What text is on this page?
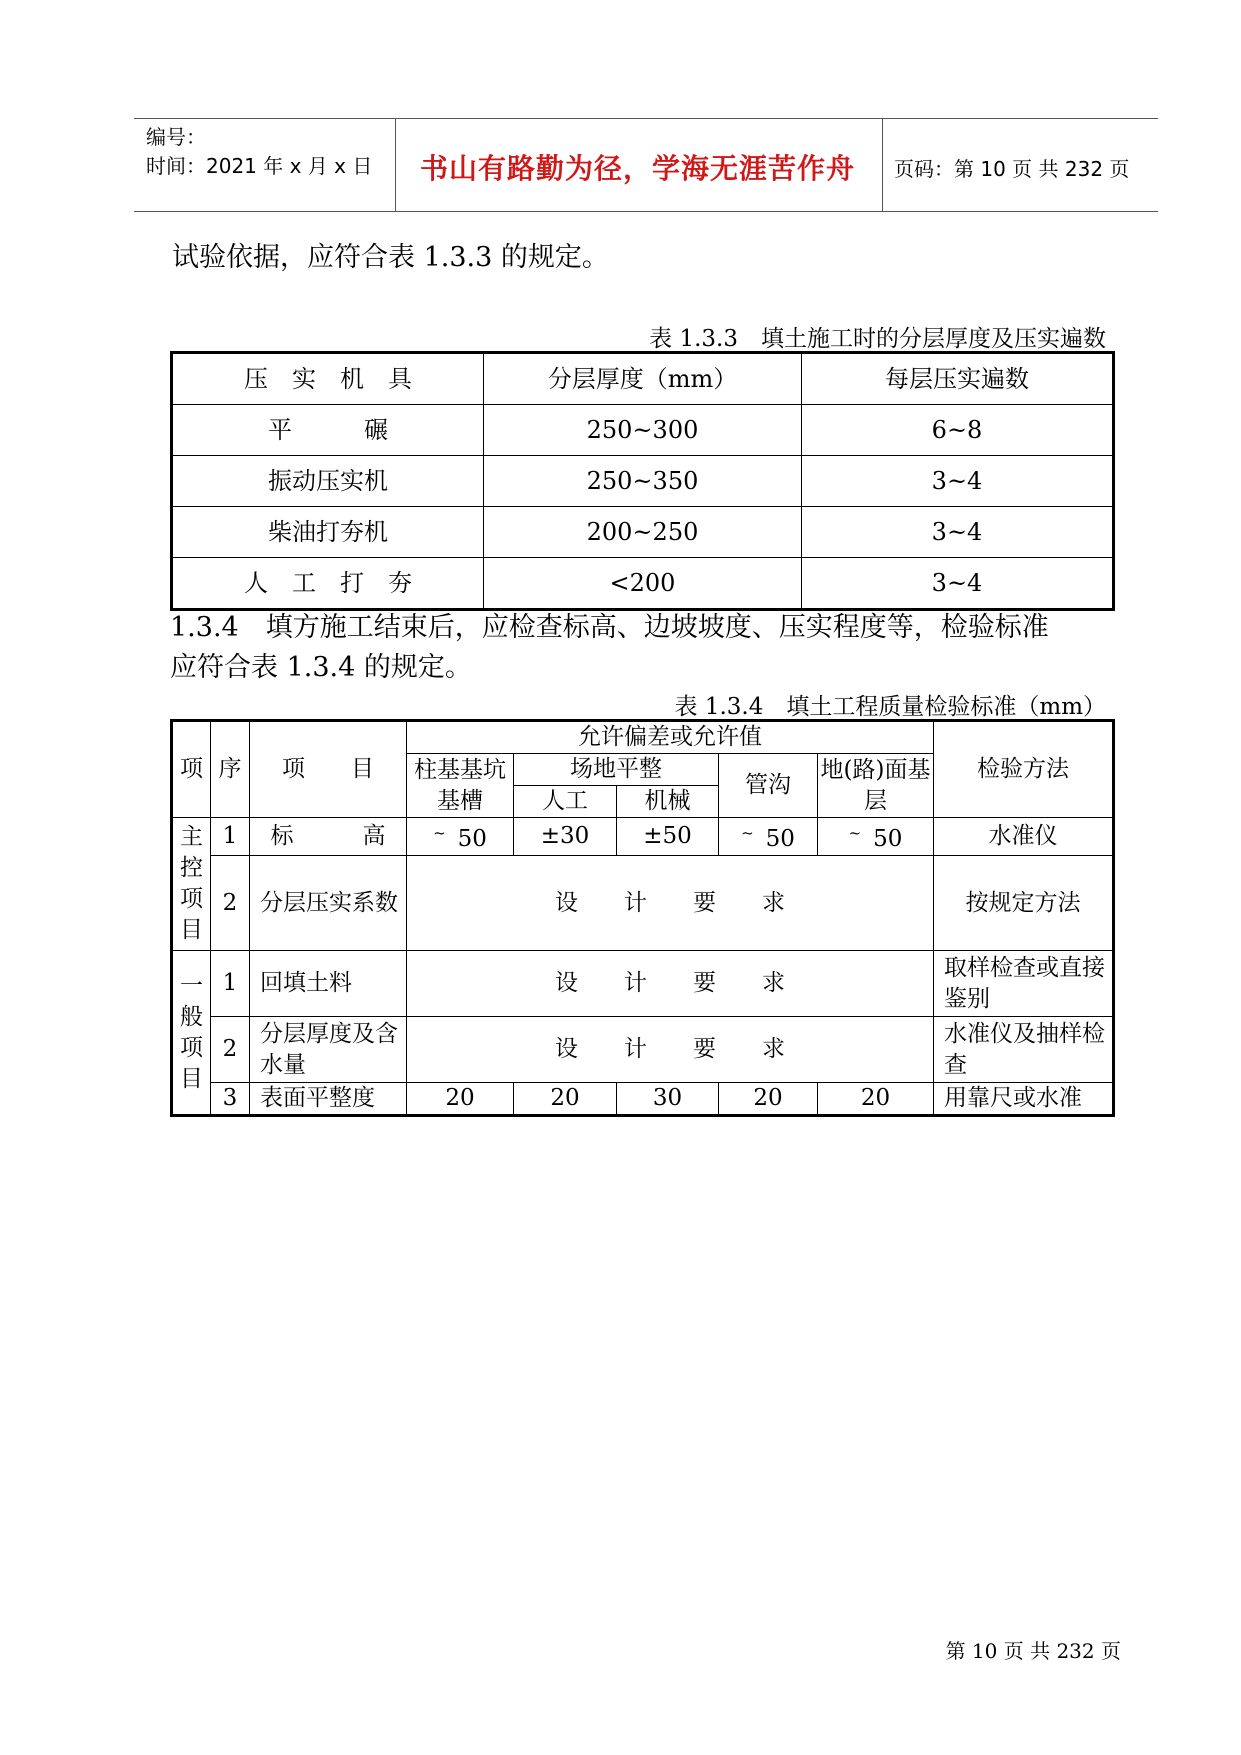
编号：
时间：2021 年 x 月 x 日 书山有路勤为径，学海无涯苦作舟 页码：第 10 页 共 232 页
试验依据，应符合表 1.3.3 的规定。
表 1.3.3　填土施工时的分层厚度及压实遍数
压　实　机　具	分层厚度（mm）	每层压实遍数
平　　　碾	250~300	6~8
振动压实机	250~350	3~4
柴油打夯机	200~250	3~4
人　工　打　夯	<200	3~4
1.3.4　填方施工结束后，应检查标高、边坡坡度、压实程度等，检验标准
应符合表 1.3.4 的规定。
表 1.3.4　填土工程质量检验标准（mm）
项	序	项　　目	允许偏差或允许值					检验方法
			柱基基坑基槽	场地平整		管沟	地(路)面基层	
				人工	机械			
主控项目	1	标　　　高	~ 50	±30	±50	~ 50	~ 50	水准仪
	2	分层压实系数	设　　计　　要　　求					按规定方法
一般项目	1	回填土料	设　　计　　要　　求					取样检查或直接鉴别
	2	分层厚度及含水量	设　　计　　要　　求					水准仪及抽样检查
	3	表面平整度	20	20	30	20	20	用靠尺或水准
第 10 页 共 232 页
